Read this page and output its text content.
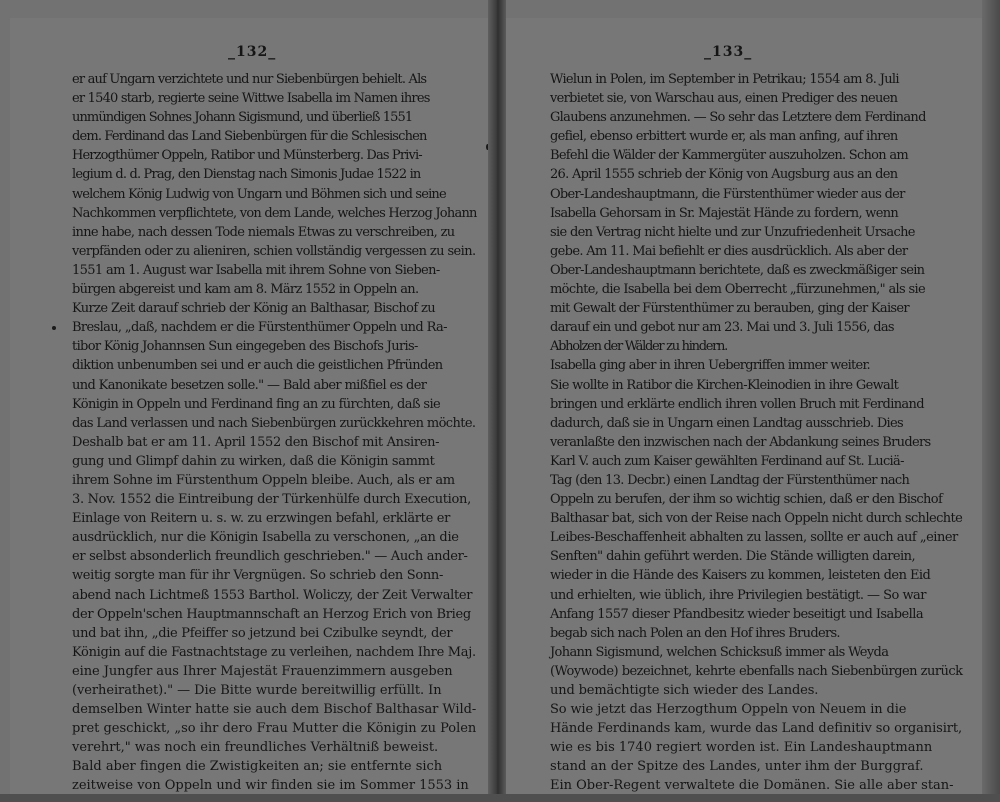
_132_
er auf Ungarn verzichtete und nur Siebenbürgen behielt. Als
er 1540 starb, regierte seine Wittwe Isabella im Namen ihres
unmündigen Sohnes Johann Sigismund, und überließ 1551
dem. Ferdinand das Land Siebenbürgen für die Schlesischen
Herzogthümer Oppeln, Ratibor und Münsterberg. Das Privi-
legium d. d. Prag, den Dienstag nach Simonis Judae 1522 in
welchem König Ludwig von Ungarn und Böhmen sich und seine
Nachkommen verpflichtete, von dem Lande, welches Herzog Johann
inne habe, nach dessen Tode niemals Etwas zu verschreiben, zu
verpfänden oder zu alieniren, schien vollständig vergessen zu sein.
1551 am 1. August war Isabella mit ihrem Sohne von Sieben-
bürgen abgereist und kam am 8. März 1552 in Oppeln an.
Kurze Zeit darauf schrieb der König an Balthasar, Bischof zu
Breslau, „daß, nachdem er die Fürstenthümer Oppeln und Ra-
tibor König Johannsen Sun eingegeben des Bischofs Juris-
diktion unbenumben sei und er auch die geistlichen Pfründen
und Kanonikate besetzen solle." — Bald aber mißfiel es der
Königin in Oppeln und Ferdinand fing an zu fürchten, daß sie
das Land verlassen und nach Siebenbürgen zurückkehren möchte.
Deshalb bat er am 11. April 1552 den Bischof mit Ansiren-
gung und Glimpf dahin zu wirken, daß die Königin sammt
ihrem Sohne im Fürstenthum Oppeln bleibe. Auch, als er am
3. Nov. 1552 die Eintreibung der Türkenhülfe durch Execution,
Einlage von Reitern u. s. w. zu erzwingen befahl, erklärte er
ausdrücklich, nur die Königin Isabella zu verschonen, „an die
er selbst absonderlich freundlich geschrieben." — Auch ander-
weitig sorgte man für ihr Vergnügen. So schrieb den Sonn-
abend nach Lichtmeß 1553 Barthol. Woliczy, der Zeit Verwalter
der Oppeln'schen Hauptmannschaft an Herzog Erich von Brieg
und bat ihn, „die Pfeiffer so jetzund bei Czibulke seyndt, der
Königin auf die Fastnachtstage zu verleihen, nachdem Ihre Maj.
eine Jungfer aus Ihrer Majestät Frauenzimmern ausgeben
(verheirathet)." — Die Bitte wurde bereitwillig erfüllt. In
demselben Winter hatte sie auch dem Bischof Balthasar Wild-
pret geschickt, „so ihr dero Frau Mutter die Königin zu Polen
verehrt," was noch ein freundliches Verhältniß beweist.
Bald aber fingen die Zwistigkeiten an; sie entfernte sich
zeitweise von Oppeln und wir finden sie im Sommer 1553 in
_133_
Wielun in Polen, im September in Petrikau; 1554 am 8. Juli
verbietet sie, von Warschau aus, einen Prediger des neuen
Glaubens anzunehmen. — So sehr das Letztere dem Ferdinand
gefiel, ebenso erbittert wurde er, als man anfing, auf ihren
Befehl die Wälder der Kammergüter auszuholzen. Schon am
26. April 1555 schrieb der König von Augsburg aus an den
Ober-Landeshauptmann, die Fürstenthümer wieder aus der
Isabella Gehorsam in Sr. Majestät Hände zu fordern, wenn
sie den Vertrag nicht hielte und zur Unzufriedenheit Ursache
gebe. Am 11. Mai befiehlt er dies ausdrücklich. Als aber der
Ober-Landeshauptmann berichtete, daß es zweckmäßiger sein
möchte, die Isabella bei dem Oberrecht „fürzunehmen," als sie
mit Gewalt der Fürstenthümer zu berauben, ging der Kaiser
darauf ein und gebot nur am 23. Mai und 3. Juli 1556, das
Abholzen der Wälder zu hindern.
Isabella ging aber in ihren Uebergriffen immer weiter.
Sie wollte in Ratibor die Kirchen-Kleinodien in ihre Gewalt
bringen und erklärte endlich ihren vollen Bruch mit Ferdinand
dadurch, daß sie in Ungarn einen Landtag ausschrieb. Dies
veranlaßte den inzwischen nach der Abdankung seines Bruders
Karl V. auch zum Kaiser gewählten Ferdinand auf St. Luciä-
Tag (den 13. Decbr.) einen Landtag der Fürstenthümer nach
Oppeln zu berufen, der ihm so wichtig schien, daß er den Bischof
Balthasar bat, sich von der Reise nach Oppeln nicht durch schlechte
Leibes-Beschaffenheit abhalten zu lassen, sollte er auch auf „einer
Senften" dahin geführt werden. Die Stände willigten darein,
wieder in die Hände des Kaisers zu kommen, leisteten den Eid
und erhielten, wie üblich, ihre Privilegien bestätigt. — So war
Anfang 1557 dieser Pfandbesitz wieder beseitigt und Isabella
begab sich nach Polen an den Hof ihres Bruders.
Johann Sigismund, welchen Schicksuß immer als Weyda
(Woywode) bezeichnet, kehrte ebenfalls nach Siebenbürgen zurück
und bemächtigte sich wieder des Landes.
So wie jetzt das Herzogthum Oppeln von Neuem in die
Hände Ferdinands kam, wurde das Land definitiv so organisirt,
wie es bis 1740 regiert worden ist. Ein Landeshauptmann
stand an der Spitze des Landes, unter ihm der Burggraf.
Ein Ober-Regent verwaltete die Domänen. Sie alle aber stan-
